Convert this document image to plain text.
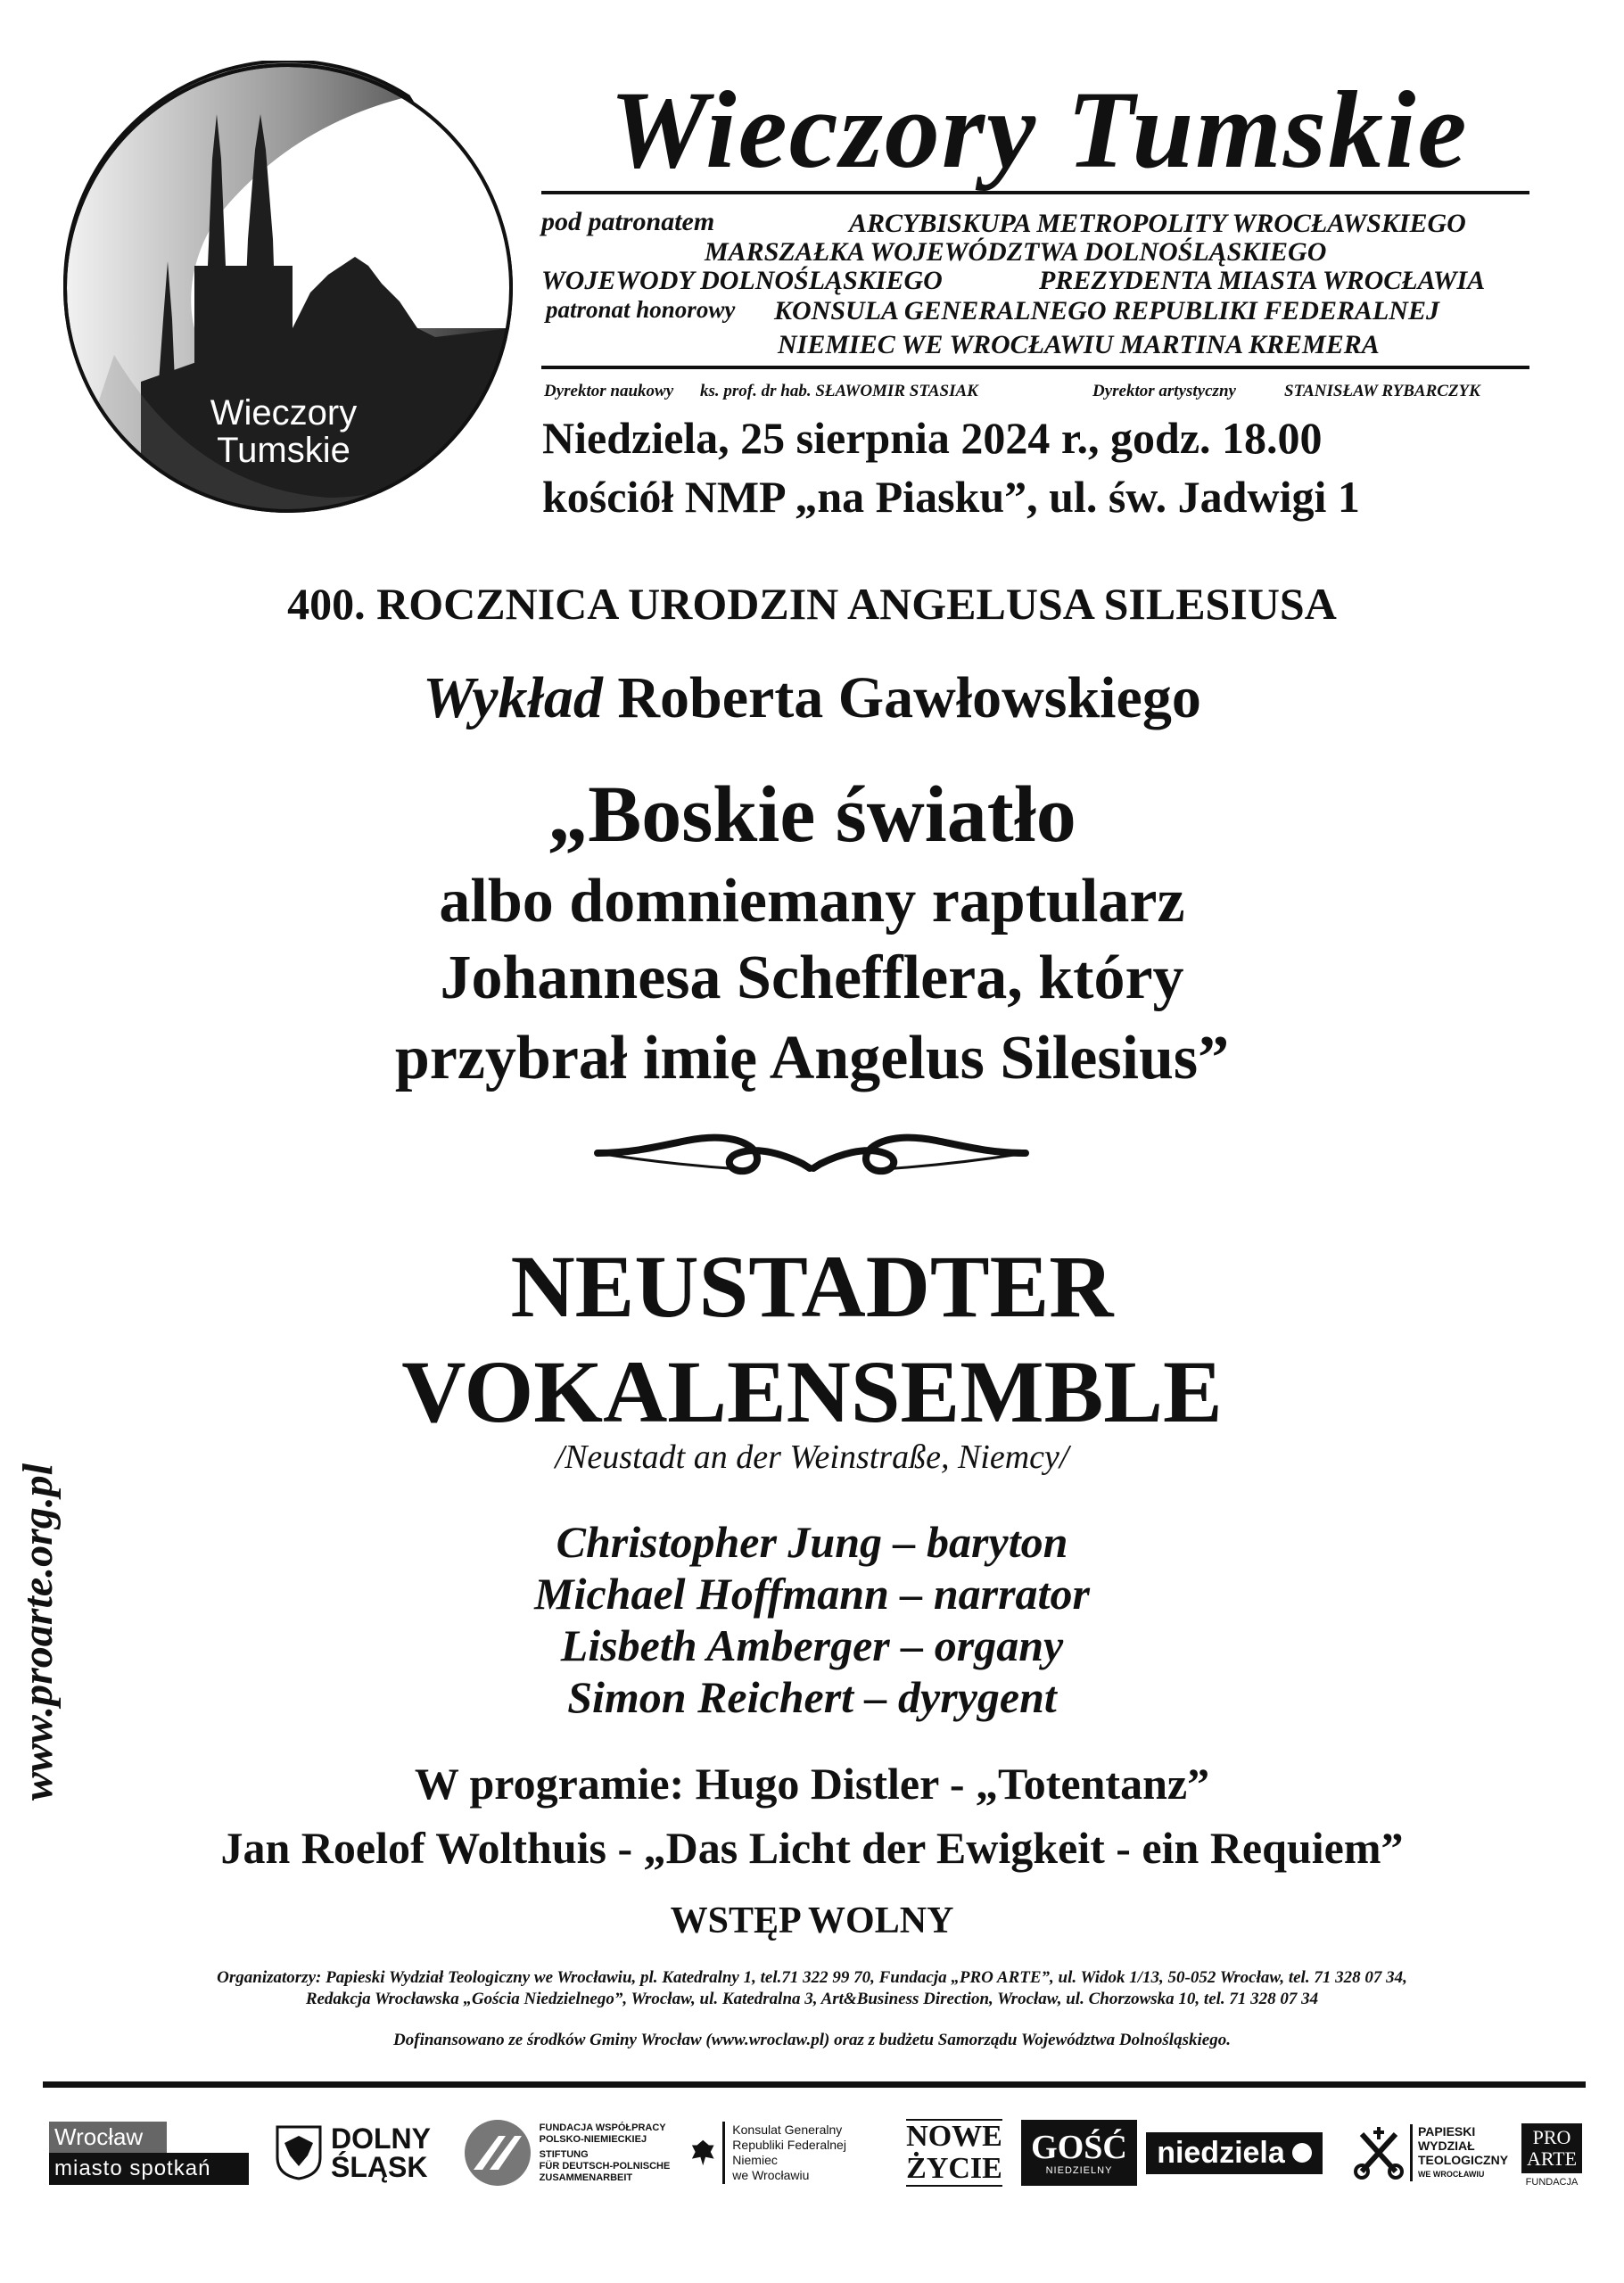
Wieczory
Tumskie
Wieczory Tumskie
pod patronatem	ARCYBISKUPA METROPOLITY WROCŁAWSKIEGO
MARSZAŁKA WOJEWÓDZTWA DOLNOŚLĄSKIEGO
WOJEWODY DOLNOŚLĄSKIEGO	PREZYDENTA MIASTA WROCŁAWIA
patronat honorowy KONSULA GENERALNEGO REPUBLIKI FEDERALNEJ
NIEMIEC WE WROCŁAWIU MARTINA KREMERA
Dyrektor naukowy ks. prof. dr hab. SŁAWOMIR STASIAK	Dyrektor artystyczny	STANISŁAW RYBARCZYK
Niedziela, 25 sierpnia 2024 r., godz. 18.00
kościół NMP „na Piasku”, ul. św. Jadwigi 1
400. ROCZNICA URODZIN ANGELUSA SILESIUSA
Wykład Roberta Gawłowskiego
„Boskie światło
albo domniemany raptularz
Johannesa Schefflera, który
przybrał imię Angelus Silesius”
NEUSTADTER
VOKALENSEMBLE
/Neustadt an der Weinstraße, Niemcy/
Christopher Jung – baryton
Michael Hoffmann – narrator
Lisbeth Amberger – organy
Simon Reichert – dyrygent
W programie: Hugo Distler - „Totentanz”
Jan Roelof Wolthuis - „Das Licht der Ewigkeit - ein Requiem”
WSTĘP WOLNY
Organizatorzy: Papieski Wydział Teologiczny we Wrocławiu, pl. Katedralny 1, tel.71 322 99 70, Fundacja „PRO ARTE”, ul. Widok 1/13, 50-052 Wrocław, tel. 71 328 07 34,
Redakcja Wrocławska „Gościa Niedzielnego”, Wrocław, ul. Katedralna 3, Art&Business Direction, Wrocław, ul. Chorzowska 10, tel. 71 328 07 34
Dofinansowano ze środków Gminy Wrocław (www.wroclaw.pl) oraz z budżetu Samorządu Województwa Dolnośląskiego.
www.proarte.org.pl
Wrocław
miasto spotkań
DOLNY
ŚLĄSK
FUNDACJA WSPÓŁPRACY
POLSKO-NIEMIECKIEJ
STIFTUNG
FÜR DEUTSCH-POLNISCHE
ZUSAMMENARBEIT
Konsulat Generalny
Republiki Federalnej Niemiec
we Wrocławiu
NOWE
ŻYCIE
GOŚĆ
NIEDZIELNY
niedziela
PAPIESKI
WYDZIAŁ
TEOLOGICZNY
WE WROCŁAWIU
PRO
ARTE
FUNDACJA
